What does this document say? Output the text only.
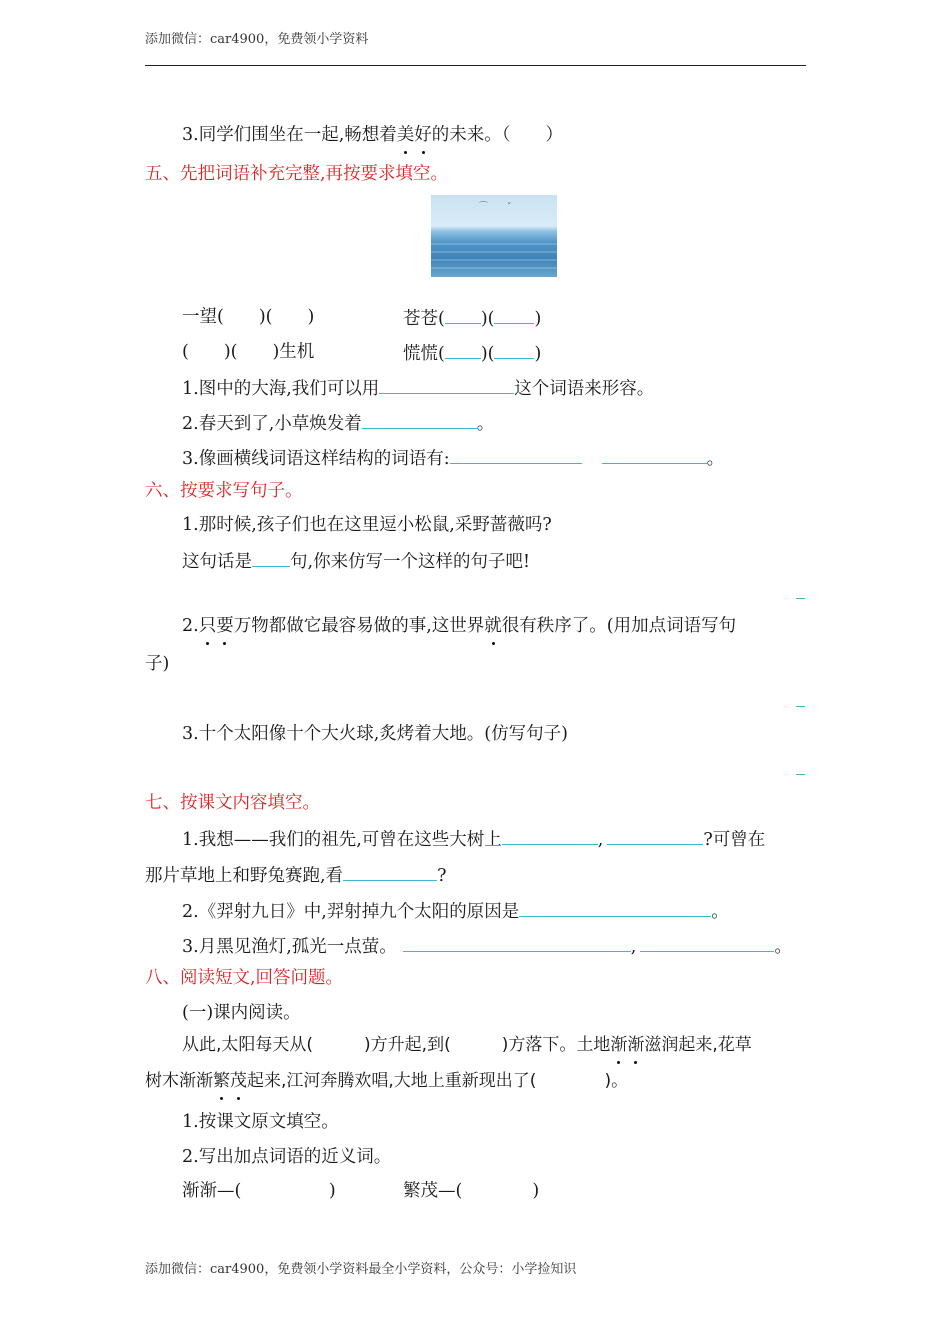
添加微信：car4900，免费领小学资料
3.同学们围坐在一起,畅想着美好的未来。（　　）
五、先把词语补充完整,再按要求填空。
⌒ ˇ
一望(　　)(　　)	苍苍( )( )
(　　)(　　)生机	慌慌( )( )
1.图中的大海,我们可以用	这个词语来形容。
2.春天到了,小草焕发着	。
3.像画横线词语这样结构的词语有:	。
六、按要求写句子。
1.那时候,孩子们也在这里逗小松鼠,采野蔷薇吗?
这句话是 句,你来仿写一个这样的句子吧!
2.只要万物都做它最容易做的事,这世界就很有秩序了。(用加点词语写句
子)
3.十个太阳像十个大火球,炙烤着大地。(仿写句子)
七、按课文内容填空。
1.我想——我们的祖先,可曾在这些大树上	,	?可曾在
那片草地上和野兔赛跑,看	?
2.《羿射九日》中,羿射掉九个太阳的原因是	。
3.月黑见渔灯,孤光一点萤。	,	。
八、阅读短文,回答问题。
(一)课内阅读。
从此,太阳每天从(　　　)方升起,到(　　　)方落下。土地渐渐滋润起来,花草
树木渐渐繁茂起来,江河奔腾欢唱,大地上重新现出了(　　　　)。
1.按课文原文填空。
2.写出加点词语的近义词。
渐渐—(　　　　　)	繁茂—(　　　　)
添加微信：car4900，免费领小学资料最全小学资料，公众号：小学捡知识
